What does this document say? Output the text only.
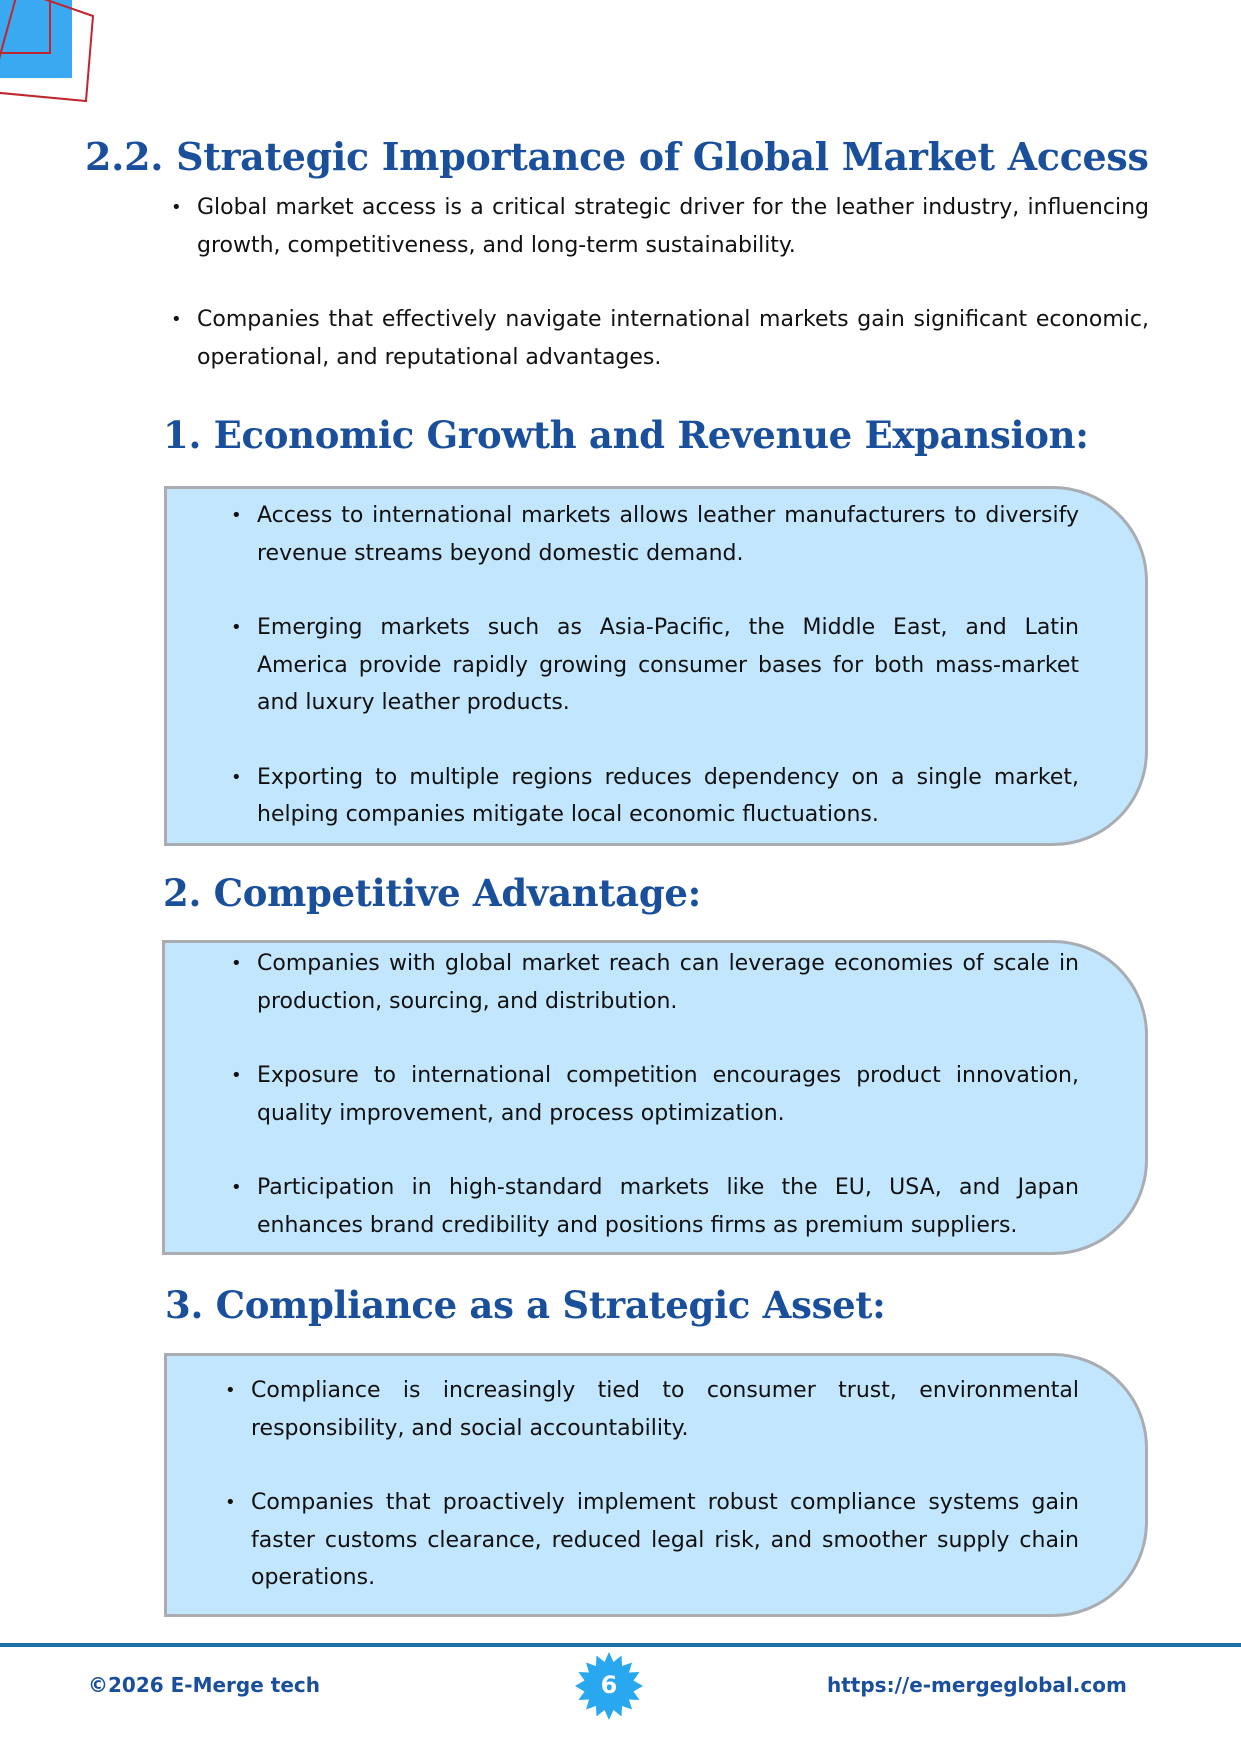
2.2. Strategic Importance of Global Market Access
• Global market access is a critical strategic driver for the leather industry, influencing growth, competitiveness, and long-term sustainability.
• Companies that effectively navigate international markets gain significant economic, operational, and reputational advantages.
1. Economic Growth and Revenue Expansion:
• Access to international markets allows leather manufacturers to diversify revenue streams beyond domestic demand.
• Emerging markets such as Asia-Pacific, the Middle East, and Latin America provide rapidly growing consumer bases for both mass-market and luxury leather products.
• Exporting to multiple regions reduces dependency on a single market, helping companies mitigate local economic fluctuations.
2. Competitive Advantage:
• Companies with global market reach can leverage economies of scale in production, sourcing, and distribution.
• Exposure to international competition encourages product innovation, quality improvement, and process optimization.
• Participation in high-standard markets like the EU, USA, and Japan enhances brand credibility and positions firms as premium suppliers.
3. Compliance as a Strategic Asset:
• Compliance is increasingly tied to consumer trust, environmental responsibility, and social accountability.
• Companies that proactively implement robust compliance systems gain faster customs clearance, reduced legal risk, and smoother supply chain operations.
©2026 E-Merge tech	6	https://e-mergeglobal.com
